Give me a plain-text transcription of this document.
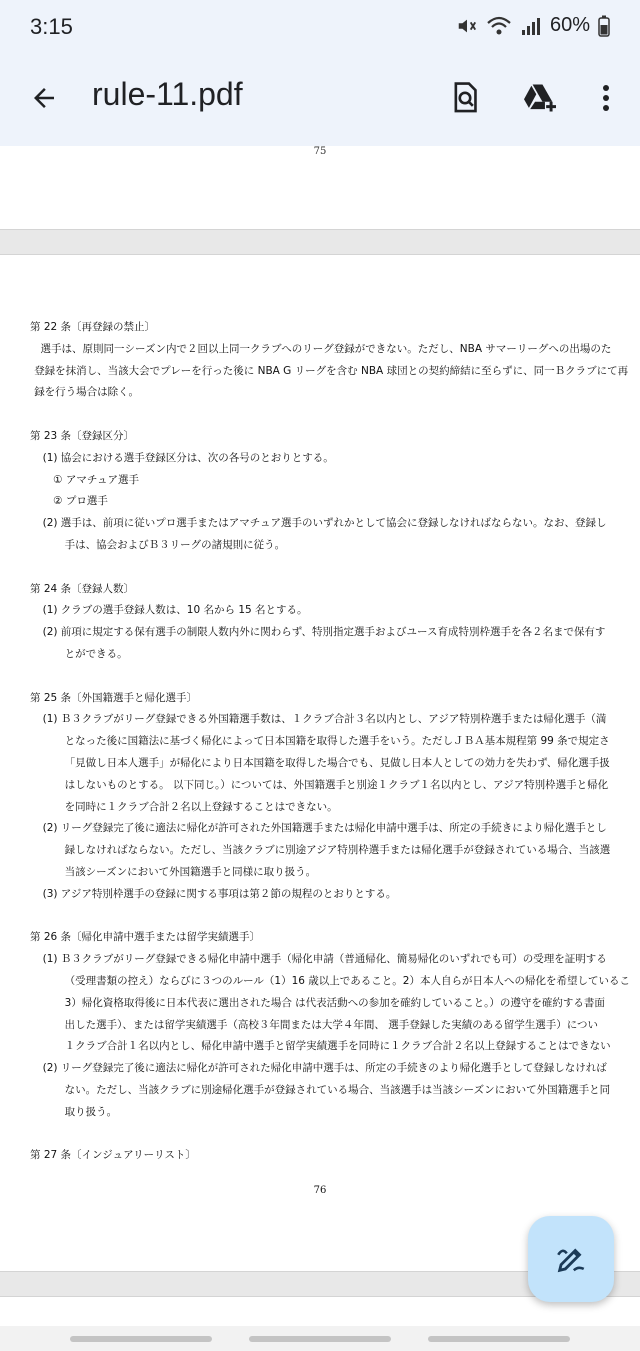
3:15	60%
rule-11.pdf
75
第 22 条〔再登録の禁止〕
選手は、原則同一シーズン内で２回以上同一クラブへのリーグ登録ができない。ただし、NBA サマーリーグへの出場のた
登録を抹消し、当該大会でプレーを行った後に NBA G リーグを含む NBA 球団との契約締結に至らずに、同一Ｂクラブにて再
録を行う場合は除く。
第 23 条〔登録区分〕
(1) 協会における選手登録区分は、次の各号のとおりとする。
① アマチュア選手
② プロ選手
(2) 選手は、前項に従いプロ選手またはアマチュア選手のいずれかとして協会に登録しなければならない。なお、登録し
手は、協会およびＢ３リーグの諸規則に従う。
第 24 条〔登録人数〕
(1) クラブの選手登録人数は、10 名から 15 名とする。
(2) 前項に規定する保有選手の制限人数内外に関わらず、特別指定選手およびユース育成特別枠選手を各２名まで保有す
とができる。
第 25 条〔外国籍選手と帰化選手〕
(1) Ｂ３クラブがリーグ登録できる外国籍選手数は、１クラブ合計３名以内とし、アジア特別枠選手または帰化選手（満
となった後に国籍法に基づく帰化によって日本国籍を取得した選手をいう。ただしＪＢＡ基本規程第 99 条で規定さ
「見做し日本人選手」が帰化により日本国籍を取得した場合でも、見做し日本人としての効力を失わず、帰化選手扱
はしないものとする。 以下同じ。）については、外国籍選手と別途１クラブ１名以内とし、アジア特別枠選手と帰化
を同時に１クラブ合計２名以上登録することはできない。
(2) リーグ登録完了後に適法に帰化が許可された外国籍選手または帰化申請中選手は、所定の手続きにより帰化選手とし
録しなければならない。ただし、当該クラブに別途アジア特別枠選手または帰化選手が登録されている場合、当該選
当該シーズンにおいて外国籍選手と同様に取り扱う。
(3) アジア特別枠選手の登録に関する事項は第２節の規程のとおりとする。
第 26 条〔帰化申請中選手または留学実績選手〕
(1) Ｂ３クラブがリーグ登録できる帰化申請中選手（帰化申請（普通帰化、簡易帰化のいずれでも可）の受理を証明する
（受理書類の控え）ならびに３つのルール（1）16 歳以上であること。2）本人自らが日本人への帰化を希望しているこ
3）帰化資格取得後に日本代表に選出された場合 は代表活動への参加を確約していること。）の遵守を確約する書面
出した選手）、または留学実績選手（高校３年間または大学４年間、 選手登録した実績のある留学生選手）につい
１クラブ合計１名以内とし、帰化申請中選手と留学実績選手を同時に１クラブ合計２名以上登録することはできない
(2) リーグ登録完了後に適法に帰化が許可された帰化申請中選手は、所定の手続きのより帰化選手として登録しなければ
ない。ただし、当該クラブに別途帰化選手が登録されている場合、当該選手は当該シーズンにおいて外国籍選手と同
取り扱う。
第 27 条〔インジュアリーリスト〕
76
